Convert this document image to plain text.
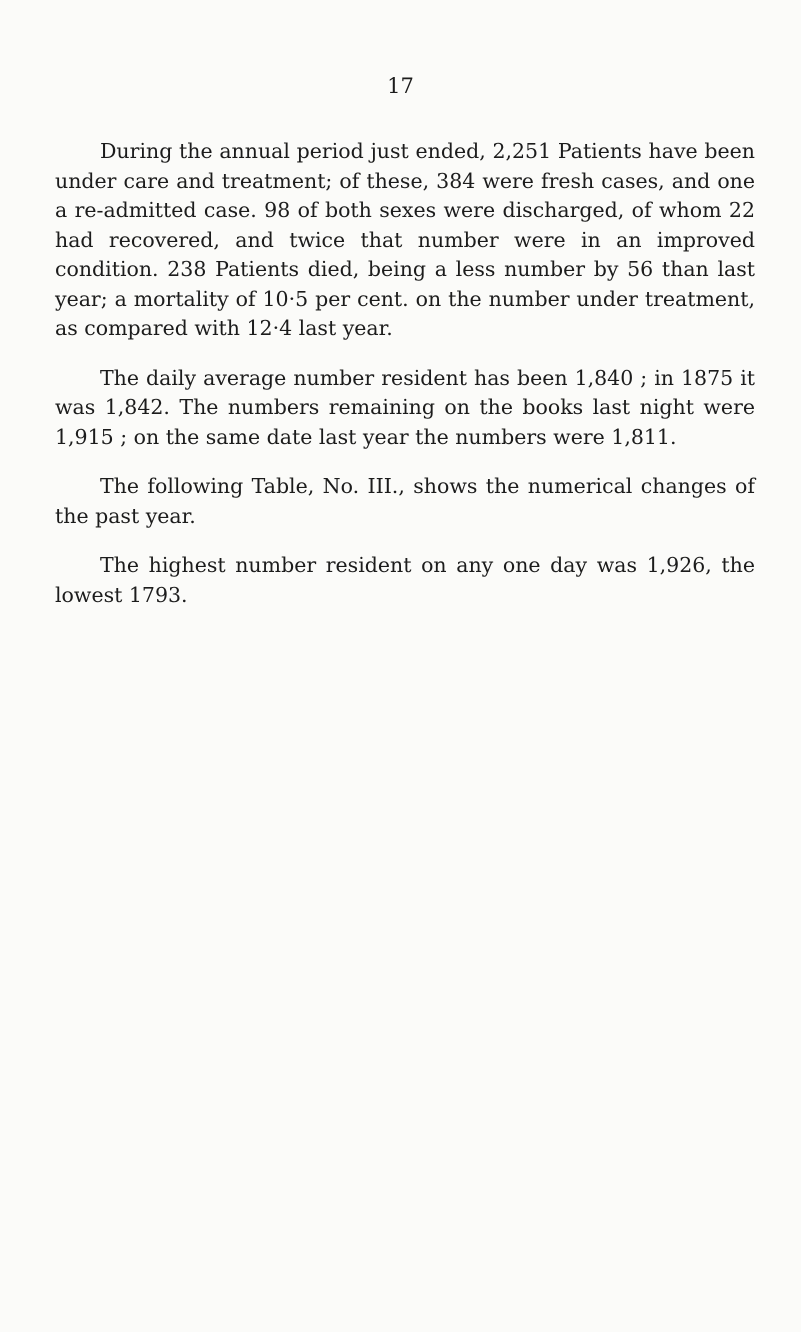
17

During the annual period just ended, 2,251 Patients have been under care and treatment; of these, 384 were fresh cases, and one a re-admitted case. 98 of both sexes were discharged, of whom 22 had recovered, and twice that number were in an improved condition. 238 Patients died, being a less number by 56 than last year; a mortality of 10·5 per cent. on the number under treatment, as compared with 12·4 last year.

The daily average number resident has been 1,840 ; in 1875 it was 1,842. The numbers remaining on the books last night were 1,915 ; on the same date last year the numbers were 1,811.

The following Table, No. III., shows the numerical changes of the past year.

The highest number resident on any one day was 1,926, the lowest 1793.
